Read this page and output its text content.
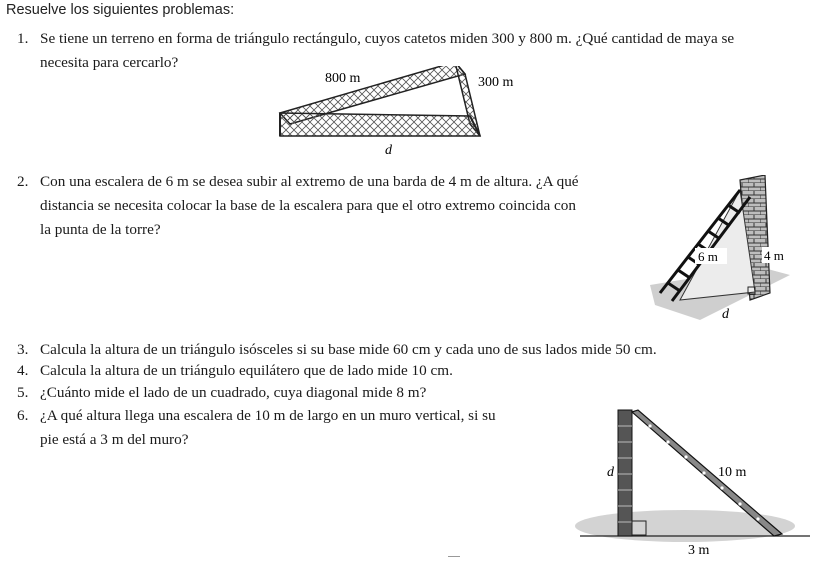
Resuelve los siguientes problemas:
1. Se tiene un terreno en forma de triángulo rectángulo, cuyos catetos miden 300 y 800 m. ¿Qué cantidad de maya se
necesita para cercarlo?
800 m	300 m
d
2. Con una escalera de 6 m se desea subir al extremo de una barda de 4 m de altura. ¿A qué
distancia se necesita colocar la base de la escalera para que el otro extremo coincida con
la punta de la torre?
6 m	4 m
d
3. Calcula la altura de un triángulo isósceles si su base mide 60 cm y cada uno de sus lados mide 50 cm.
4. Calcula la altura de un triángulo equilátero que de lado mide 10 cm.
5. ¿Cuánto mide el lado de un cuadrado, cuya diagonal mide 8 m?
6. ¿A qué altura llega una escalera de 10 m de largo en un muro vertical, si su
pie está a 3 m del muro?
d	10 m
3 m
